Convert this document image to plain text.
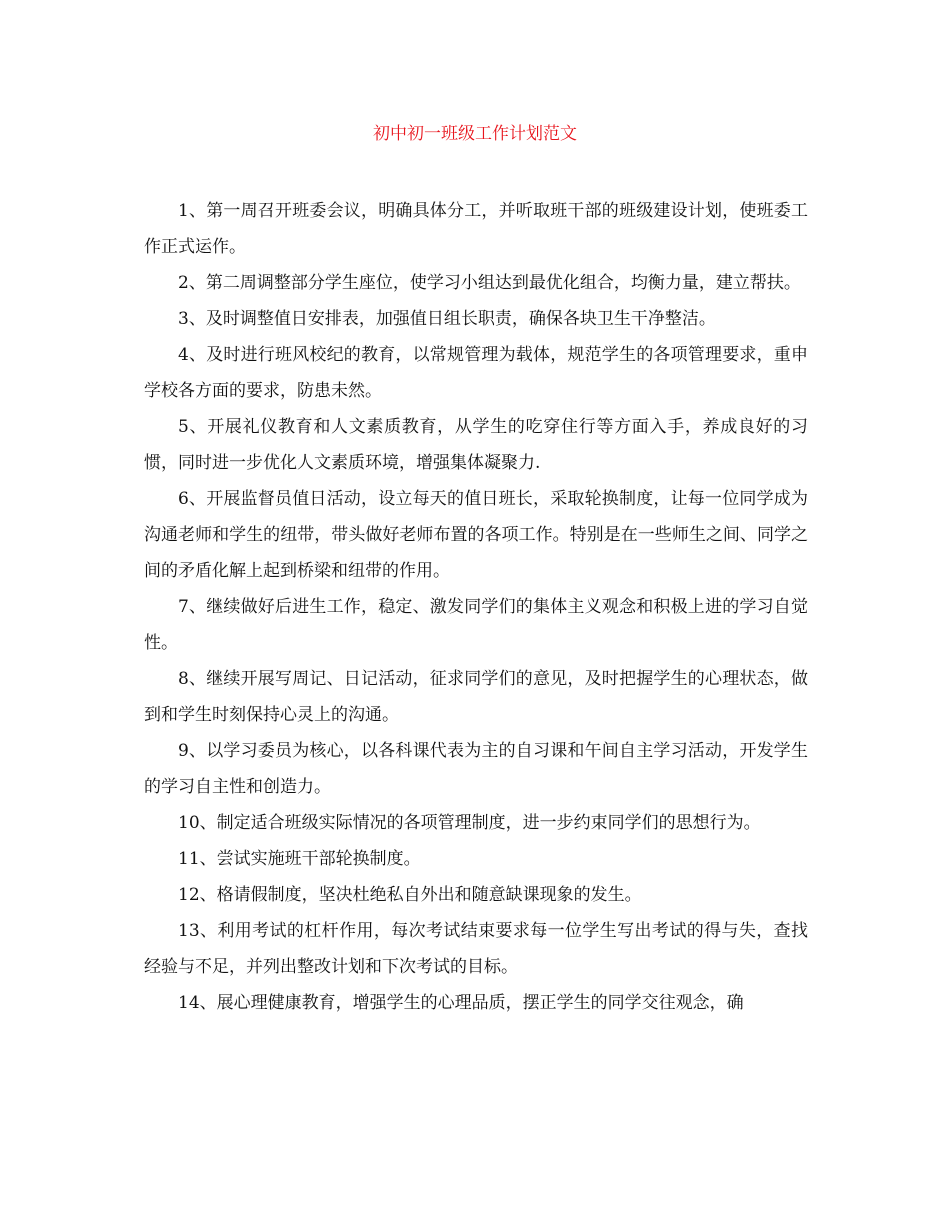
初中初一班级工作计划范文

1、第一周召开班委会议，明确具体分工，并听取班干部的班级建设计划，使班委工作正式运作。

2、第二周调整部分学生座位，使学习小组达到最优化组合，均衡力量，建立帮扶。

3、及时调整值日安排表，加强值日组长职责，确保各块卫生干净整洁。

4、及时进行班风校纪的教育，以常规管理为载体，规范学生的各项管理要求，重申学校各方面的要求，防患未然。

5、开展礼仪教育和人文素质教育，从学生的吃穿住行等方面入手，养成良好的习惯，同时进一步优化人文素质环境，增强集体凝聚力.

6、开展监督员值日活动，设立每天的值日班长，采取轮换制度，让每一位同学成为沟通老师和学生的纽带，带头做好老师布置的各项工作。特别是在一些师生之间、同学之间的矛盾化解上起到桥梁和纽带的作用。

7、继续做好后进生工作，稳定、激发同学们的集体主义观念和积极上进的学习自觉性。

8、继续开展写周记、日记活动，征求同学们的意见，及时把握学生的心理状态，做到和学生时刻保持心灵上的沟通。

9、以学习委员为核心，以各科课代表为主的自习课和午间自主学习活动，开发学生的学习自主性和创造力。

10、制定适合班级实际情况的各项管理制度，进一步约束同学们的思想行为。

11、尝试实施班干部轮换制度。

12、格请假制度，坚决杜绝私自外出和随意缺课现象的发生。

13、利用考试的杠杆作用，每次考试结束要求每一位学生写出考试的得与失，查找经验与不足，并列出整改计划和下次考试的目标。

14、展心理健康教育，增强学生的心理品质，摆正学生的同学交往观念，确
